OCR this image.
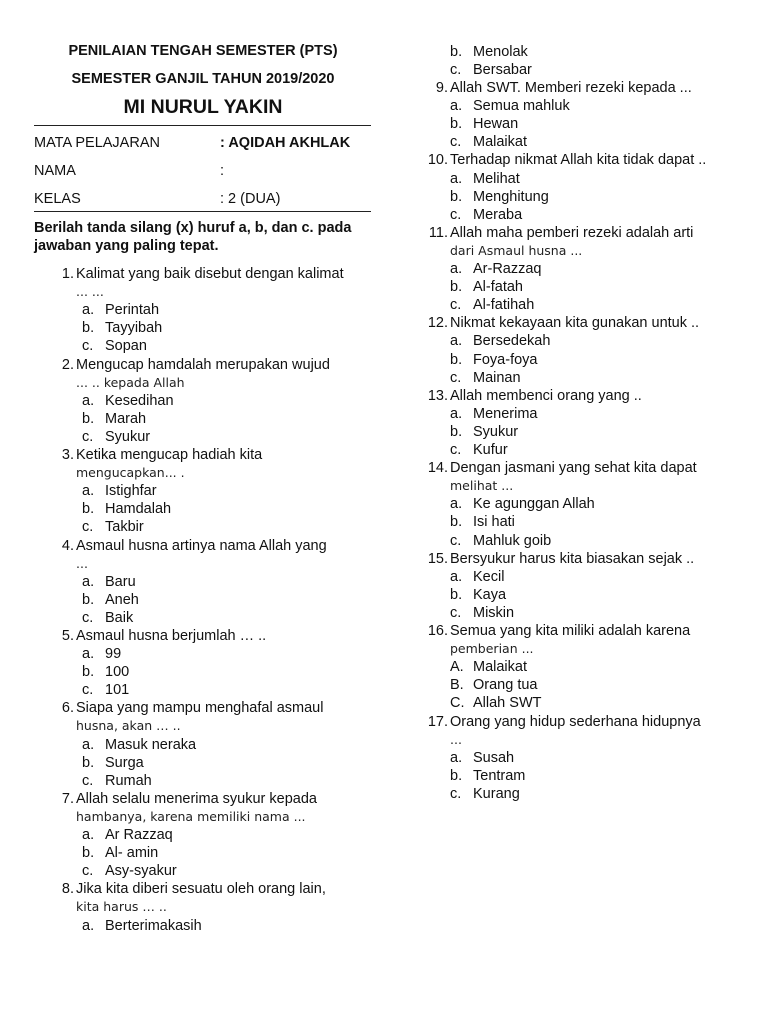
PENILAIAN TENGAH SEMESTER (PTS)
SEMESTER GANJIL TAHUN 2019/2020
MI NURUL YAKIN
MATA PELAJARAN	: AQIDAH AKHLAK
NAMA	:
KELAS	: 2 (DUA)
Berilah tanda silang (x) huruf a, b, dan c. pada jawaban yang paling tepat.
1. Kalimat yang baik disebut dengan kalimat
... ...
a. Perintah
b. Tayyibah
c. Sopan
2. Mengucap hamdalah merupakan wujud
... .. kepada Allah
a. Kesedihan
b. Marah
c. Syukur
3. Ketika mengucap hadiah kita
mengucapkan... .
a. Istighfar
b. Hamdalah
c. Takbir
4. Asmaul husna artinya nama Allah yang
...
a. Baru
b. Aneh
c. Baik
5. Asmaul husna berjumlah … ..
a. 99
b. 100
c. 101
6. Siapa yang mampu menghafal asmaul
husna, akan … ..
a. Masuk neraka
b. Surga
c. Rumah
7. Allah selalu menerima syukur kepada
hambanya, karena memiliki nama ...
a. Ar Razzaq
b. Al- amin
c. Asy-syakur
8. Jika kita diberi sesuatu oleh orang lain,
kita harus … ..
a. Berterimakasih
b. Menolak
c. Bersabar
9. Allah SWT. Memberi rezeki kepada ...
a. Semua mahluk
b. Hewan
c. Malaikat
10. Terhadap nikmat Allah kita tidak dapat ..
a. Melihat
b. Menghitung
c. Meraba
11. Allah maha pemberi rezeki adalah arti
dari Asmaul husna ...
a. Ar-Razzaq
b. Al-fatah
c. Al-fatihah
12. Nikmat kekayaan kita gunakan untuk ..
a. Bersedekah
b. Foya-foya
c. Mainan
13. Allah membenci orang yang ..
a. Menerima
b. Syukur
c. Kufur
14. Dengan jasmani yang sehat kita dapat
melihat ...
a. Ke agunggan Allah
b. Isi hati
c. Mahluk goib
15. Bersyukur harus kita biasakan sejak ..
a. Kecil
b. Kaya
c. Miskin
16. Semua yang kita miliki adalah karena
pemberian ...
A. Malaikat
B. Orang tua
C. Allah SWT
17. Orang yang hidup sederhana hidupnya
...
a. Susah
b. Tentram
c. Kurang
